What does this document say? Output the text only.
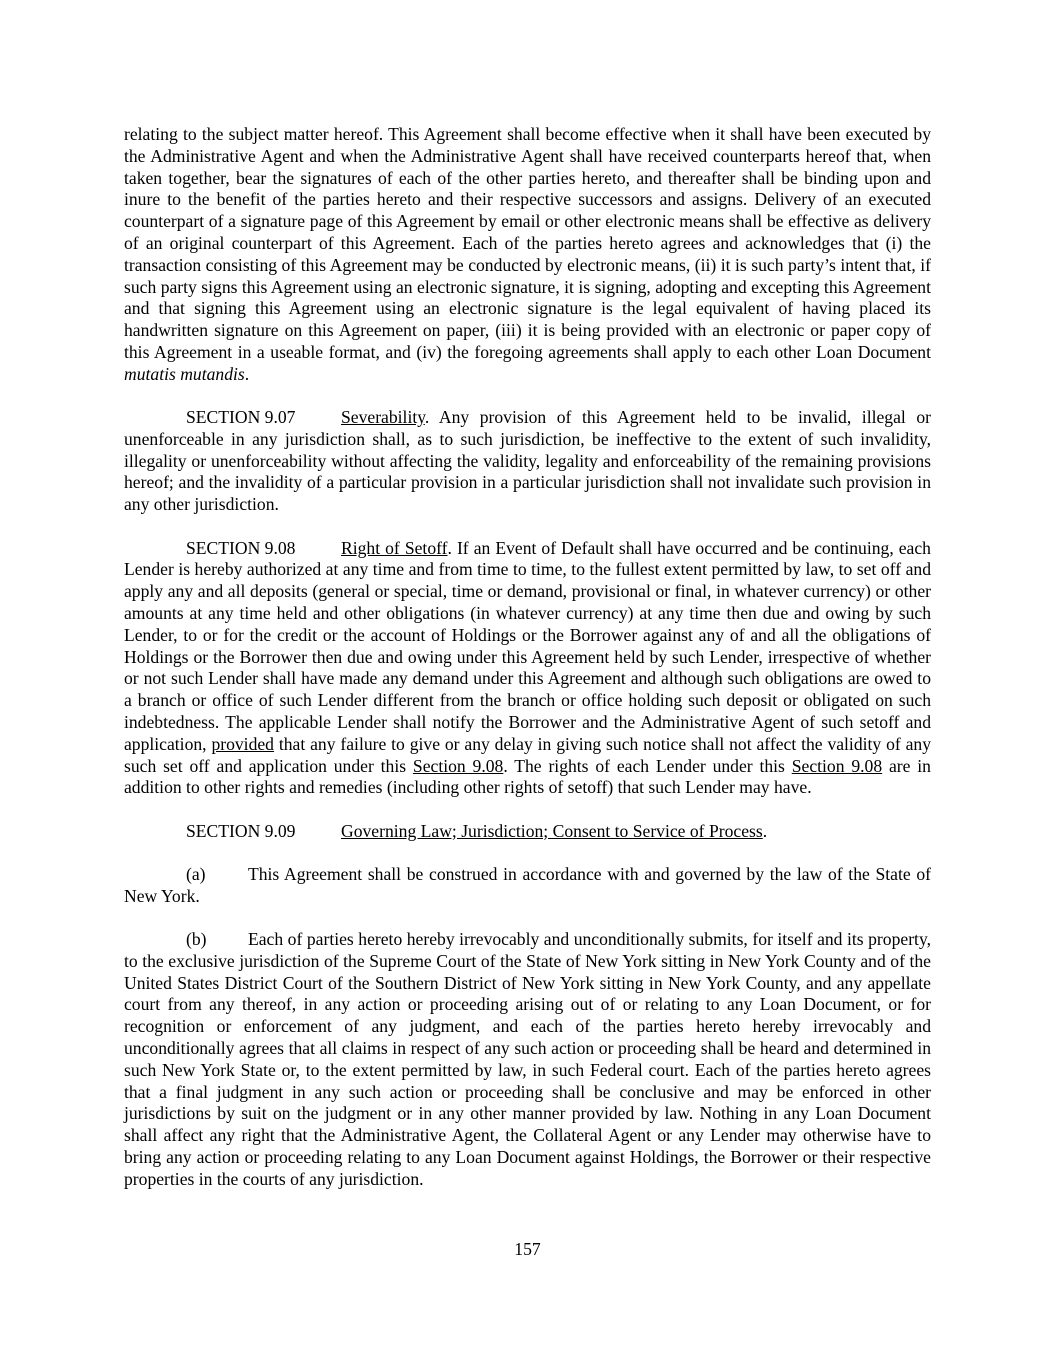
relating to the subject matter hereof. This Agreement shall become effective when it shall have been executed by the Administrative Agent and when the Administrative Agent shall have received counterparts hereof that, when taken together, bear the signatures of each of the other parties hereto, and thereafter shall be binding upon and inure to the benefit of the parties hereto and their respective successors and assigns. Delivery of an executed counterpart of a signature page of this Agreement by email or other electronic means shall be effective as delivery of an original counterpart of this Agreement. Each of the parties hereto agrees and acknowledges that (i) the transaction consisting of this Agreement may be conducted by electronic means, (ii) it is such party’s intent that, if such party signs this Agreement using an electronic signature, it is signing, adopting and excepting this Agreement and that signing this Agreement using an electronic signature is the legal equivalent of having placed its handwritten signature on this Agreement on paper, (iii) it is being provided with an electronic or paper copy of this Agreement in a useable format, and (iv) the foregoing agreements shall apply to each other Loan Document mutatis mutandis.

SECTION 9.07	Severability. Any provision of this Agreement held to be invalid, illegal or unenforceable in any jurisdiction shall, as to such jurisdiction, be ineffective to the extent of such invalidity, illegality or unenforceability without affecting the validity, legality and enforceability of the remaining provisions hereof; and the invalidity of a particular provision in a particular jurisdiction shall not invalidate such provision in any other jurisdiction.

SECTION 9.08	Right of Setoff. If an Event of Default shall have occurred and be continuing, each Lender is hereby authorized at any time and from time to time, to the fullest extent permitted by law, to set off and apply any and all deposits (general or special, time or demand, provisional or final, in whatever currency) or other amounts at any time held and other obligations (in whatever currency) at any time then due and owing by such Lender, to or for the credit or the account of Holdings or the Borrower against any of and all the obligations of Holdings or the Borrower then due and owing under this Agreement held by such Lender, irrespective of whether or not such Lender shall have made any demand under this Agreement and although such obligations are owed to a branch or office of such Lender different from the branch or office holding such deposit or obligated on such indebtedness. The applicable Lender shall notify the Borrower and the Administrative Agent of such setoff and application, provided that any failure to give or any delay in giving such notice shall not affect the validity of any such set off and application under this Section 9.08. The rights of each Lender under this Section 9.08 are in addition to other rights and remedies (including other rights of setoff) that such Lender may have.

SECTION 9.09	Governing Law; Jurisdiction; Consent to Service of Process.

(a) This Agreement shall be construed in accordance with and governed by the law of the State of New York.

(b) Each of parties hereto hereby irrevocably and unconditionally submits, for itself and its property, to the exclusive jurisdiction of the Supreme Court of the State of New York sitting in New York County and of the United States District Court of the Southern District of New York sitting in New York County, and any appellate court from any thereof, in any action or proceeding arising out of or relating to any Loan Document, or for recognition or enforcement of any judgment, and each of the parties hereto hereby irrevocably and unconditionally agrees that all claims in respect of any such action or proceeding shall be heard and determined in such New York State or, to the extent permitted by law, in such Federal court. Each of the parties hereto agrees that a final judgment in any such action or proceeding shall be conclusive and may be enforced in other jurisdictions by suit on the judgment or in any other manner provided by law. Nothing in any Loan Document shall affect any right that the Administrative Agent, the Collateral Agent or any Lender may otherwise have to bring any action or proceeding relating to any Loan Document against Holdings, the Borrower or their respective properties in the courts of any jurisdiction.

157
